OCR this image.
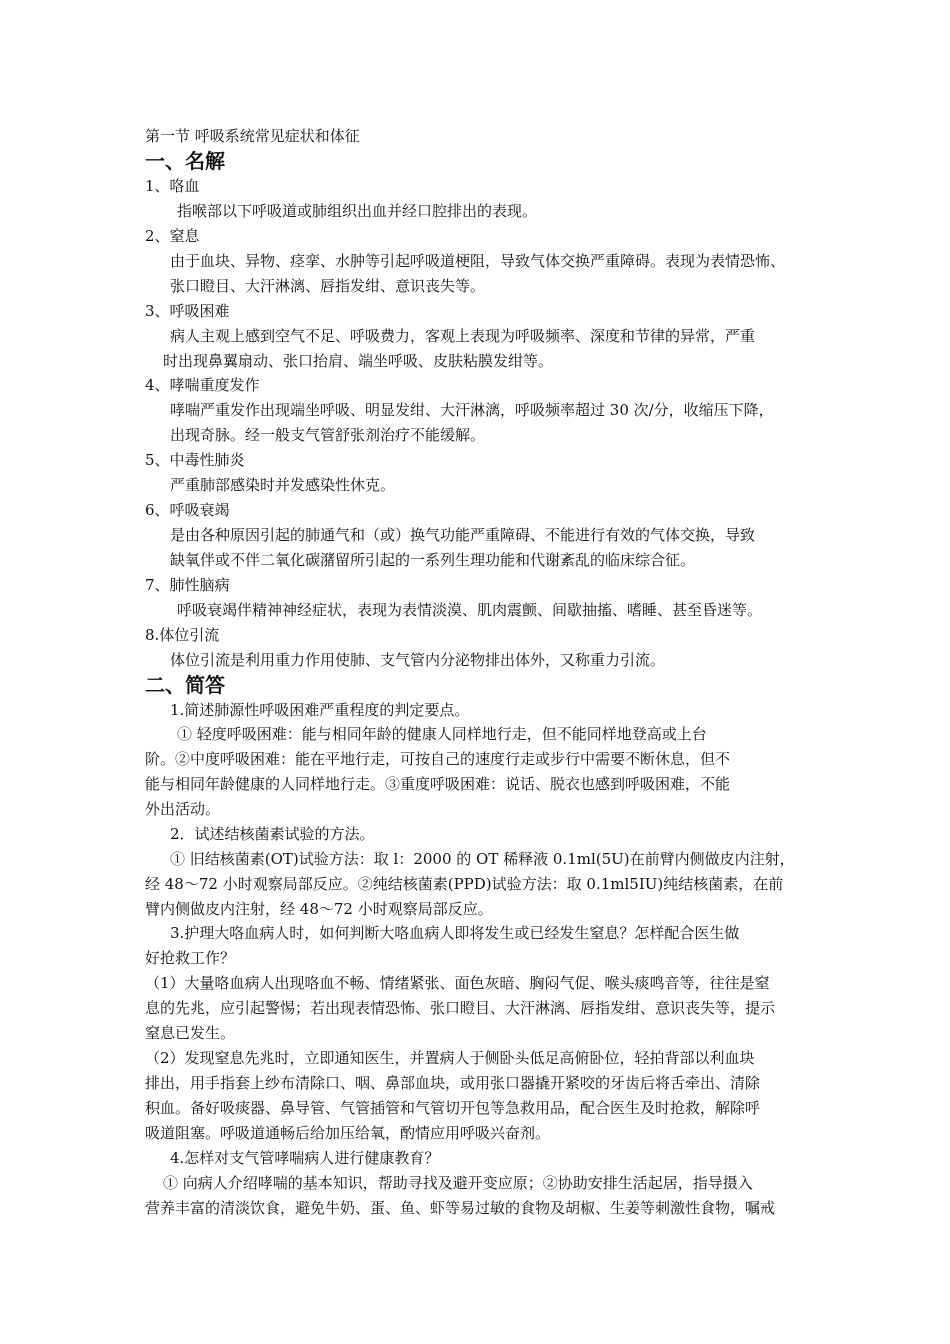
第一节 呼吸系统常见症状和体征
一、名解
1、咯血
指喉部以下呼吸道或肺组织出血并经口腔排出的表现。
2、窒息
由于血块、异物、痉挛、水肿等引起呼吸道梗阻，导致气体交换严重障碍。表现为表情恐怖、
张口瞪目、大汗淋漓、唇指发绀、意识丧失等。
3、呼吸困难
病人主观上感到空气不足、呼吸费力，客观上表现为呼吸频率、深度和节律的异常，严重
时出现鼻翼扇动、张口抬肩、端坐呼吸、皮肤粘膜发绀等。
4、哮喘重度发作
哮喘严重发作出现端坐呼吸、明显发绀、大汗淋漓，呼吸频率超过 30 次/分，收缩压下降，
出现奇脉。经一般支气管舒张剂治疗不能缓解。
5、中毒性肺炎
严重肺部感染时并发感染性休克。
6、呼吸衰竭
是由各种原因引起的肺通气和（或）换气功能严重障碍、不能进行有效的气体交换，导致
缺氧伴或不伴二氧化碳潴留所引起的一系列生理功能和代谢紊乱的临床综合征。
7、肺性脑病
呼吸衰竭伴精神神经症状，表现为表情淡漠、肌肉震颤、间歇抽搐、嗜睡、甚至昏迷等。
8.体位引流
体位引流是利用重力作用使肺、支气管内分泌物排出体外，又称重力引流。
二、简答
1.简述肺源性呼吸困难严重程度的判定要点。
① 轻度呼吸困难：能与相同年龄的健康人同样地行走，但不能同样地登高或上台
阶。②中度呼吸困难：能在平地行走，可按自己的速度行走或步行中需要不断休息，但不
能与相同年龄健康的人同样地行走。③重度呼吸困难：说话、脱衣也感到呼吸困难，不能
外出活动。
2．试述结核菌素试验的方法。
① 旧结核菌素(OT)试验方法：取 l：2000 的 OT 稀释液 0.1ml(5U)在前臂内侧做皮内注射，
经 48～72 小时观察局部反应。②纯结核菌素(PPD)试验方法：取 0.1ml5IU)纯结核菌素，在前
臂内侧做皮内注射，经 48～72 小时观察局部反应。
3.护理大咯血病人时，如何判断大咯血病人即将发生或已经发生窒息？怎样配合医生做
好抢救工作？
（1）大量咯血病人出现咯血不畅、情绪紧张、面色灰暗、胸闷气促、喉头痰鸣音等，往往是窒
息的先兆，应引起警惕；若出现表情恐怖、张口瞪目、大汗淋漓、唇指发绀、意识丧失等，提示
窒息已发生。
（2）发现窒息先兆时，立即通知医生，并置病人于侧卧头低足高俯卧位，轻拍背部以利血块
排出，用手指套上纱布清除口、咽、鼻部血块，或用张口器撬开紧咬的牙齿后将舌牵出、清除
积血。备好吸痰器、鼻导管、气管插管和气管切开包等急救用品，配合医生及时抢救，解除呼
吸道阻塞。呼吸道通畅后给加压给氧，酌情应用呼吸兴奋剂。
4.怎样对支气管哮喘病人进行健康教育？
① 向病人介绍哮喘的基本知识，帮助寻找及避开变应原；②协助安排生活起居，指导摄入
营养丰富的清淡饮食，避免牛奶、蛋、鱼、虾等易过敏的食物及胡椒、生姜等刺激性食物，嘱戒
